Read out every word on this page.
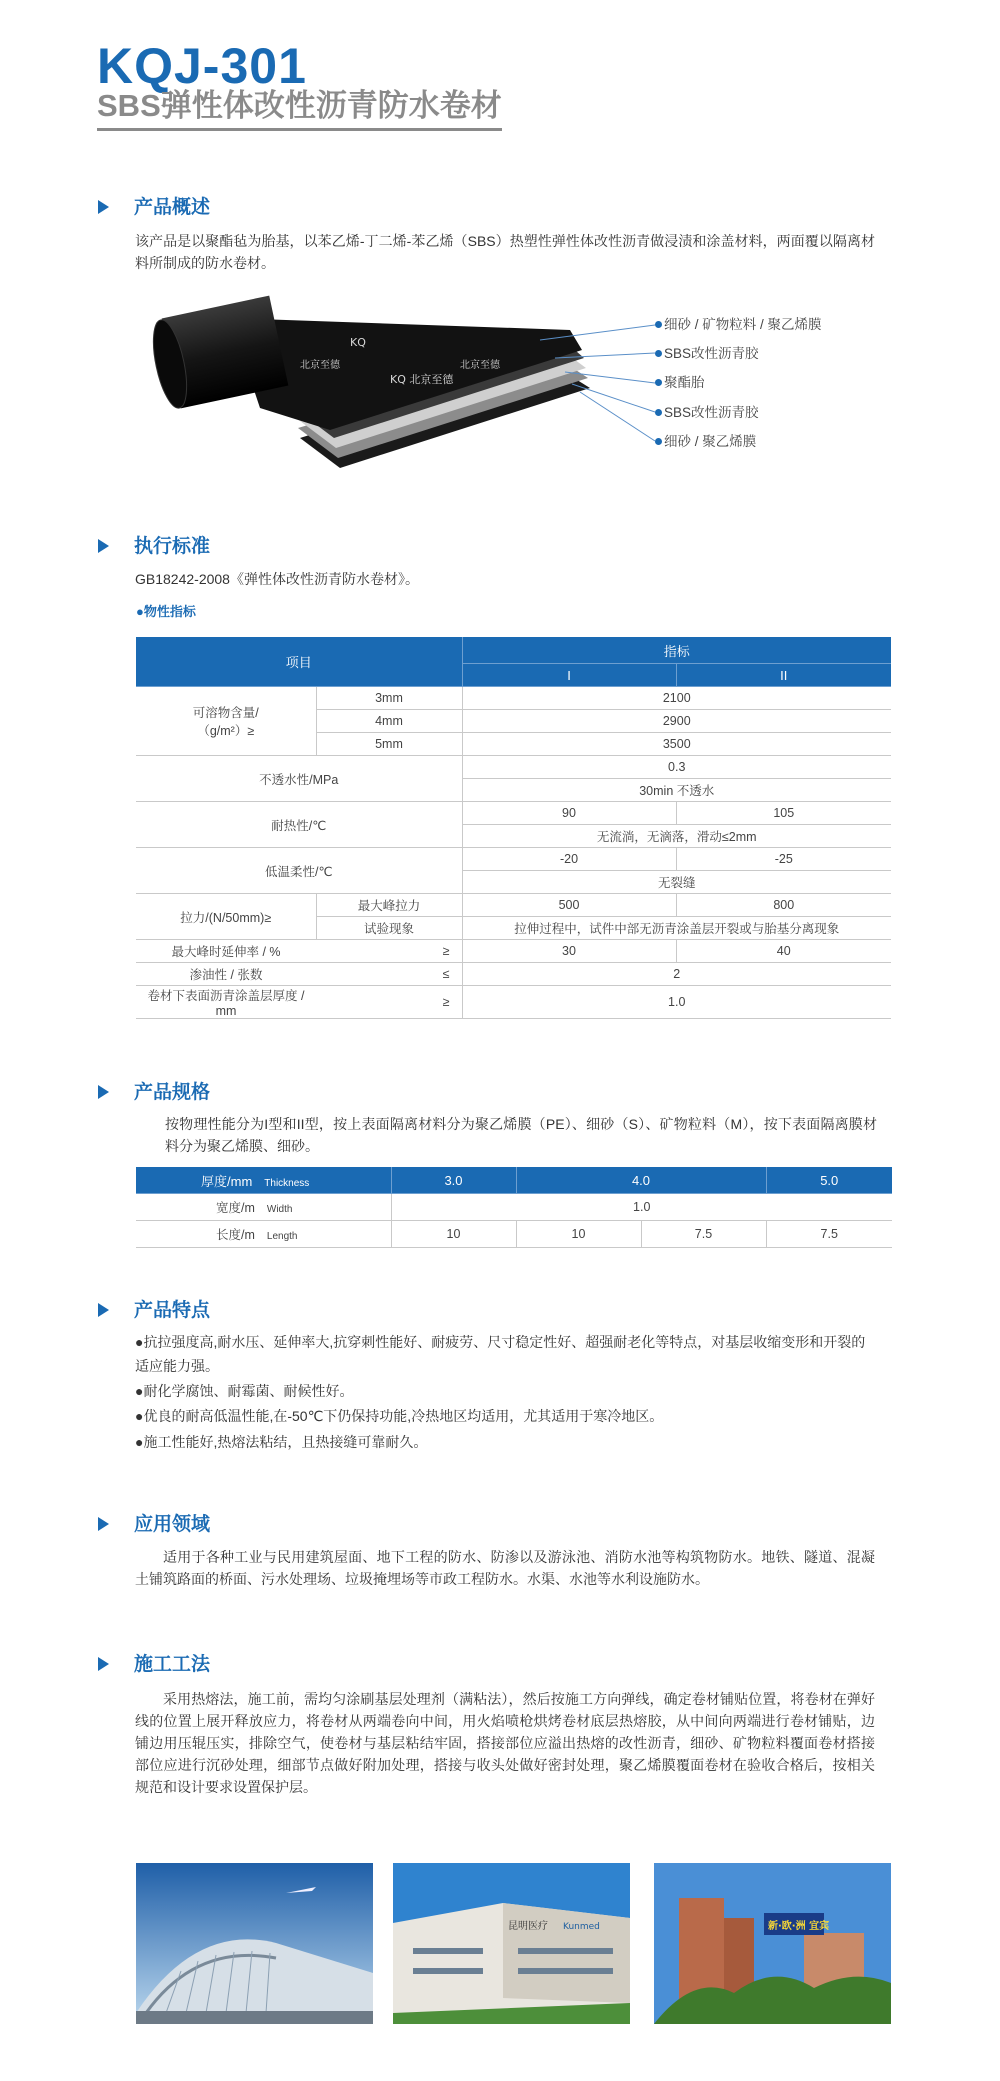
KQJ-301
SBS弹性体改性沥青防水卷材
产品概述
该产品是以聚酯毡为胎基，以苯乙烯-丁二烯-苯乙烯（SBS）热塑性弹性体改性沥青做浸渍和涂盖材料，两面覆以隔离材料所制成的防水卷材。
KQ
KQ 北京至德
北京至德
北京至德
细砂 / 矿物粒料 / 聚乙烯膜
SBS改性沥青胶
聚酯胎
SBS改性沥青胶
细砂 / 聚乙烯膜
执行标准
GB18242-2008《弹性体改性沥青防水卷材》。
●物性指标
项目		指标	
		I	II
可溶物含量/
（g/m²）≥	3mm	2100	
	4mm	2900	
	5mm	3500	
不透水性/MPa		0.3	
		30min 不透水	
耐热性/℃		90	105
		无流淌，无滴落，滑动≤2mm	
低温柔性/℃		-20	-25
		无裂缝	
拉力/(N/50mm)≥	最大峰拉力	500	800
	试验现象	拉伸过程中，试件中部无沥青涂盖层开裂或与胎基分离现象	
最大峰时延伸率 / %	≥	30	40
渗油性 / 张数	≤	2	
卷材下表面沥青涂盖层厚度 / mm	≥	1.0	
产品规格
按物理性能分为I型和II型，按上表面隔离材料分为聚乙烯膜（PE）、细砂（S）、矿物粒料（M），按下表面隔离膜材料分为聚乙烯膜、细砂。
厚度/mm Thickness	3.0	4.0		5.0
宽度/m Width	1.0			
长度/m Length	10	10	7.5	7.5
产品特点
●抗拉强度高,耐水压、延伸率大,抗穿刺性能好、耐疲劳、尺寸稳定性好、超强耐老化等特点，对基层收缩变形和开裂的适应能力强。
●耐化学腐蚀、耐霉菌、耐候性好。
●优良的耐高低温性能,在-50℃下仍保持功能,冷热地区均适用，尤其适用于寒冷地区。
●施工性能好,热熔法粘结，且热接缝可靠耐久。
应用领域
适用于各种工业与民用建筑屋面、地下工程的防水、防渗以及游泳池、消防水池等构筑物防水。地铁、隧道、混凝土铺筑路面的桥面、污水处理场、垃圾掩埋场等市政工程防水。水渠、水池等水利设施防水。
施工工法
采用热熔法，施工前，需均匀涂刷基层处理剂（满粘法），然后按施工方向弹线，确定卷材铺贴位置，将卷材在弹好线的位置上展开释放应力，将卷材从两端卷向中间，用火焰喷枪烘烤卷材底层热熔胶，从中间向两端进行卷材铺贴，边铺边用压辊压实，排除空气，使卷材与基层粘结牢固，搭接部位应溢出热熔的改性沥青，细砂、矿物粒料覆面卷材搭接部位应进行沉砂处理，细部节点做好附加处理，搭接与收头处做好密封处理，聚乙烯膜覆面卷材在验收合格后，按相关规范和设计要求设置保护层。
昆明医疗 Kunmed	新·欧·洲 宜宾
